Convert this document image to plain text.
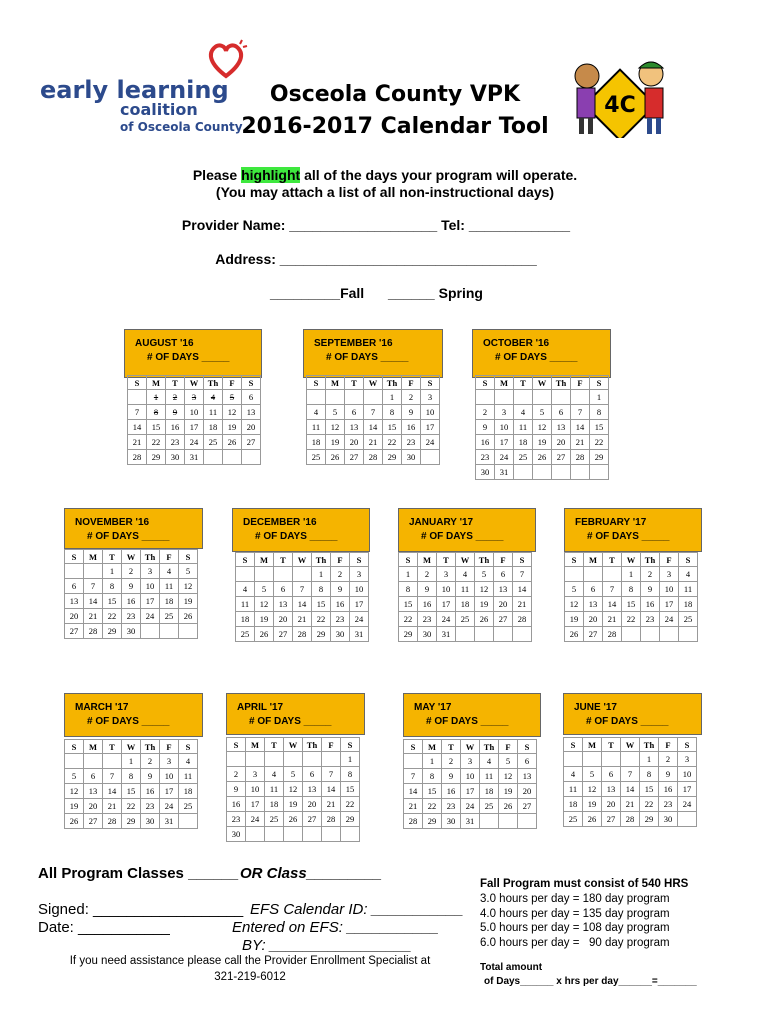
early learning
coalition
of Osceola County
Osceola County VPK
2016-2017 Calendar Tool
4C
Please highlight all of the days your program will operate.
(You may attach a list of all non-instructional days)
Provider Name: ___________________ Tel: _____________
Address: _________________________________
_________Fall ______ Spring
AUGUST '16
# OF DAYS _____
S	M	T	W	Th	F	S
	1	2	3	4	5	6
7	8	9	10	11	12	13
14	15	16	17	18	19	20
21	22	23	24	25	26	27
28	29	30	31			
SEPTEMBER '16
# OF DAYS _____
S	M	T	W	Th	F	S
				1	2	3
4	5	6	7	8	9	10
11	12	13	14	15	16	17
18	19	20	21	22	23	24
25	26	27	28	29	30	
OCTOBER '16
# OF DAYS _____
S	M	T	W	Th	F	S
						1
2	3	4	5	6	7	8
9	10	11	12	13	14	15
16	17	18	19	20	21	22
23	24	25	26	27	28	29
30	31					
NOVEMBER '16
# OF DAYS _____
S	M	T	W	Th	F	S
		1	2	3	4	5
6	7	8	9	10	11	12
13	14	15	16	17	18	19
20	21	22	23	24	25	26
27	28	29	30			
DECEMBER '16
# OF DAYS _____
S	M	T	W	Th	F	S
				1	2	3
4	5	6	7	8	9	10
11	12	13	14	15	16	17
18	19	20	21	22	23	24
25	26	27	28	29	30	31
JANUARY '17
# OF DAYS _____
S	M	T	W	Th	F	S
1	2	3	4	5	6	7
8	9	10	11	12	13	14
15	16	17	18	19	20	21
22	23	24	25	26	27	28
29	30	31				
FEBRUARY '17
# OF DAYS _____
S	M	T	W	Th	F	S
			1	2	3	4
5	6	7	8	9	10	11
12	13	14	15	16	17	18
19	20	21	22	23	24	25
26	27	28				
MARCH '17
# OF DAYS _____
S	M	T	W	Th	F	S
			1	2	3	4
5	6	7	8	9	10	11
12	13	14	15	16	17	18
19	20	21	22	23	24	25
26	27	28	29	30	31	
APRIL '17
# OF DAYS _____
S	M	T	W	Th	F	S
						1
2	3	4	5	6	7	8
9	10	11	12	13	14	15
16	17	18	19	20	21	22
23	24	25	26	27	28	29
30						
MAY '17
# OF DAYS _____
S	M	T	W	Th	F	S
	1	2	3	4	5	6
7	8	9	10	11	12	13
14	15	16	17	18	19	20
21	22	23	24	25	26	27
28	29	30	31			
JUNE '17
# OF DAYS _____
S	M	T	W	Th	F	S
				1	2	3
4	5	6	7	8	9	10
11	12	13	14	15	16	17
18	19	20	21	22	23	24
25	26	27	28	29	30	
All Program Classes ______ OR Class_________
Signed: __________________
Date: ___________
EFS Calendar ID: ___________
Entered on EFS: ___________
BY: _________________
If you need assistance please call the Provider Enrollment Specialist at
321-219-6012
Fall Program must consist of 540 HRS
3.0 hours per day = 180 day program
4.0 hours per day = 135 day program
5.0 hours per day = 108 day program
6.0 hours per day =   90 day program
Total amount
of Days______ x hrs per day______=_______
